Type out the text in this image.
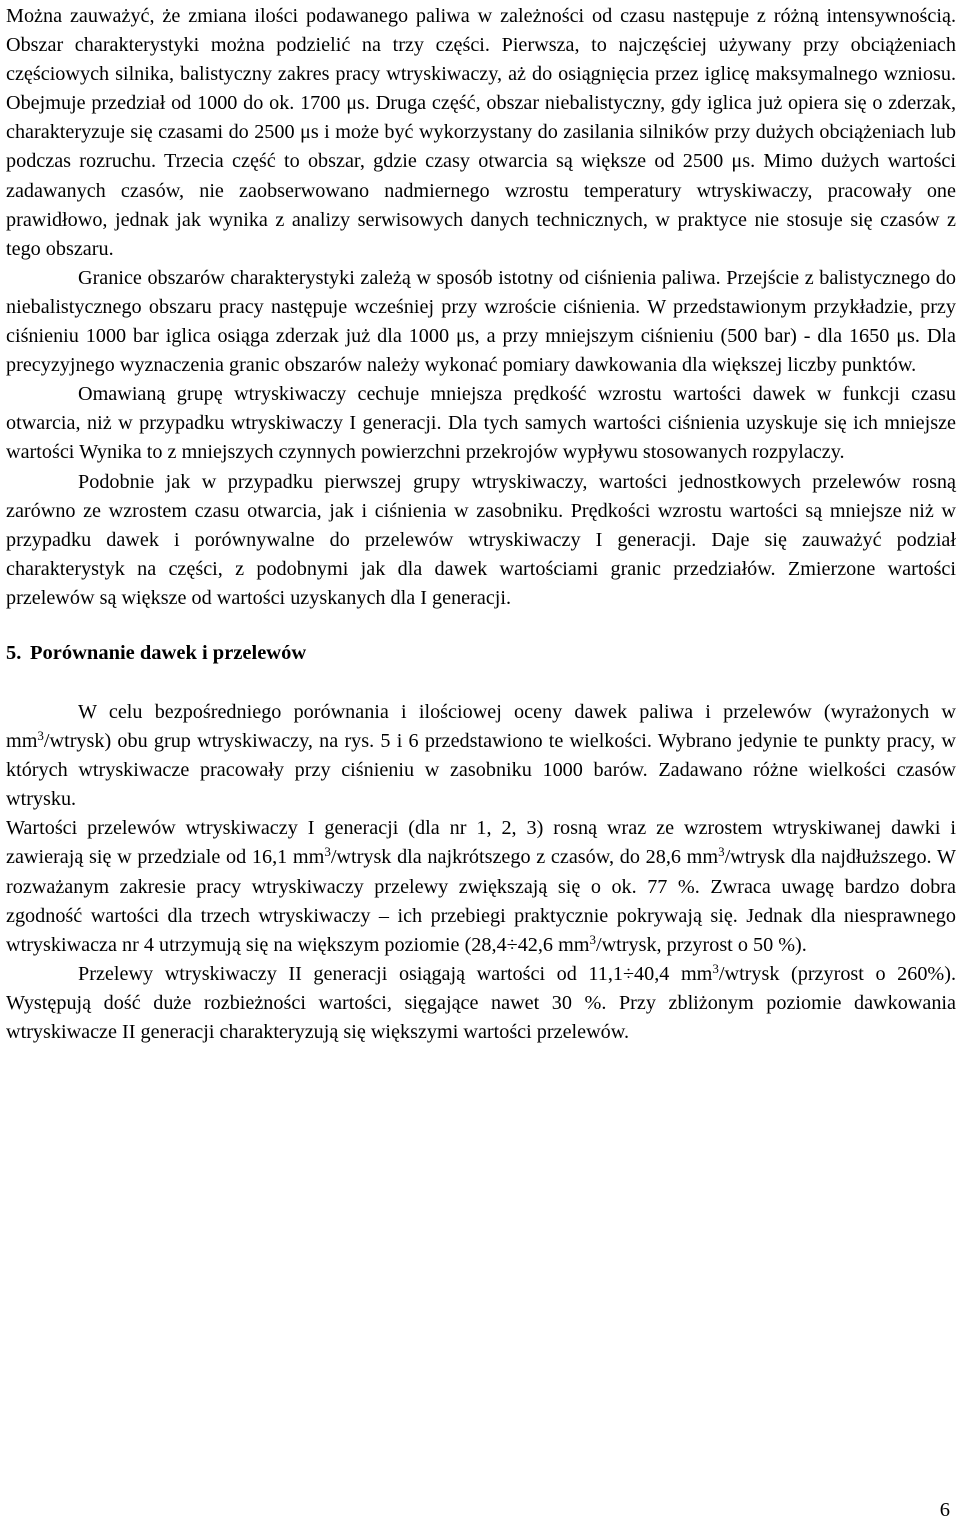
Można zauważyć, że zmiana ilości podawanego paliwa w zależności od czasu następuje z różną intensywnością. Obszar charakterystyki można podzielić na trzy części. Pierwsza, to najczęściej używany przy obciążeniach częściowych silnika, balistyczny zakres pracy wtryskiwaczy, aż do osiągnięcia przez iglicę maksymalnego wzniosu. Obejmuje przedział od 1000 do ok. 1700 μs. Druga część, obszar niebalistyczny, gdy iglica już opiera się o zderzak, charakteryzuje się czasami do 2500 μs i może być wykorzystany do zasilania silników przy dużych obciążeniach lub podczas rozruchu. Trzecia część to obszar, gdzie czasy otwarcia są większe od 2500 μs. Mimo dużych wartości zadawanych czasów, nie zaobserwowano nadmiernego wzrostu temperatury wtryskiwaczy, pracowały one prawidłowo, jednak jak wynika z analizy serwisowych danych technicznych, w praktyce nie stosuje się czasów z tego obszaru.

Granice obszarów charakterystyki zależą w sposób istotny od ciśnienia paliwa. Przejście z balistycznego do niebalistycznego obszaru pracy następuje wcześniej przy wzroście ciśnienia. W przedstawionym przykładzie, przy ciśnieniu 1000 bar iglica osiąga zderzak już dla 1000 μs, a przy mniejszym ciśnieniu (500 bar) - dla 1650 μs. Dla precyzyjnego wyznaczenia granic obszarów należy wykonać pomiary dawkowania dla większej liczby punktów.

Omawianą grupę wtryskiwaczy cechuje mniejsza prędkość wzrostu wartości dawek w funkcji czasu otwarcia, niż w przypadku wtryskiwaczy I generacji. Dla tych samych wartości ciśnienia uzyskuje się ich mniejsze wartości Wynika to z mniejszych czynnych powierzchni przekrojów wypływu stosowanych rozpylaczy.

Podobnie jak w przypadku pierwszej grupy wtryskiwaczy, wartości jednostkowych przelewów rosną zarówno ze wzrostem czasu otwarcia, jak i ciśnienia w zasobniku. Prędkości wzrostu wartości są mniejsze niż w przypadku dawek i porównywalne do przelewów wtryskiwaczy I generacji. Daje się zauważyć podział charakterystyk na części, z podobnymi jak dla dawek wartościami granic przedziałów. Zmierzone wartości przelewów są większe od wartości uzyskanych dla I generacji.

5. Porównanie dawek i przelewów

W celu bezpośredniego porównania i ilościowej oceny dawek paliwa i przelewów (wyrażonych w $mm^3/wtrysk$) obu grup wtryskiwaczy, na rys. 5 i 6 przedstawiono te wielkości. Wybrano jedynie te punkty pracy, w których wtryskiwacze pracowały przy ciśnieniu w zasobniku 1000 barów. Zadawano różne wielkości czasów wtrysku.

Wartości przelewów wtryskiwaczy I generacji (dla nr 1, 2, 3) rosną wraz ze wzrostem wtryskiwanej dawki i zawierają się w przedziale od 16,1 $mm^3$/wtrysk dla najkrótszego z czasów, do 28,6 $mm^3$/wtrysk dla najdłuższego. W rozważanym zakresie pracy wtryskiwaczy przelewy zwiększają się o ok. 77 %. Zwraca uwagę bardzo dobra zgodność wartości dla trzech wtryskiwaczy – ich przebiegi praktycznie pokrywają się. Jednak dla niesprawnego wtryskiwacza nr 4 utrzymują się na większym poziomie (28,4÷42,6 $mm^3$/wtrysk, przyrost o 50 %).

Przelewy wtryskiwaczy II generacji osiągają wartości od 11,1÷40,4 $mm^3$/wtrysk (przyrost o 260%). Występują dość duże rozbieżności wartości, sięgające nawet 30 %. Przy zbliżonym poziomie dawkowania wtryskiwacze II generacji charakteryzują się większymi wartości przelewów.

6
